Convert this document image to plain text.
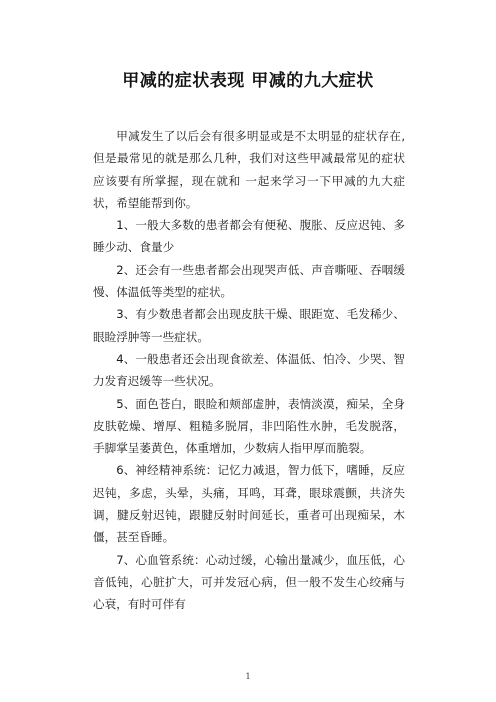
甲减的症状表现 甲减的九大症状

甲减发生了以后会有很多明显或是不太明显的症状存在,但是最常见的就是那么几种，我们对这些甲减最常见的症状应该要有所掌握，现在就和 一起来学习一下甲减的九大症状，希望能帮到你。

1、一般大多数的患者都会有便秘、腹胀、反应迟钝、多睡少动、食量少

2、还会有一些患者都会出现哭声低、声音嘶哑、吞咽缓慢、体温低等类型的症状。

3、有少数患者都会出现皮肤干燥、眼距宽、毛发稀少、眼睑浮肿等一些症状。

4、一般患者还会出现食欲差、体温低、怕冷、少哭、智力发育迟缓等一些状况。

5、面色苍白，眼睑和颊部虚肿，表情淡漠，痴呆，全身皮肤乾燥、增厚、粗糙多脱屑，非凹陷性水肿，毛发脱落，手脚掌呈萎黄色，体重增加，少数病人指甲厚而脆裂。

6、神经精神系统：记忆力减退，智力低下，嗜睡，反应迟钝，多虑，头晕，头痛，耳鸣，耳聋，眼球震颤，共济失调，腱反射迟钝，跟腱反射时间延长，重者可出现痴呆，木僵，甚至昏睡。

7、心血管系统：心动过缓，心输出量减少，血压低，心音低钝，心脏扩大，可并发冠心病，但一般不发生心绞痛与心衰，有时可伴有

1
